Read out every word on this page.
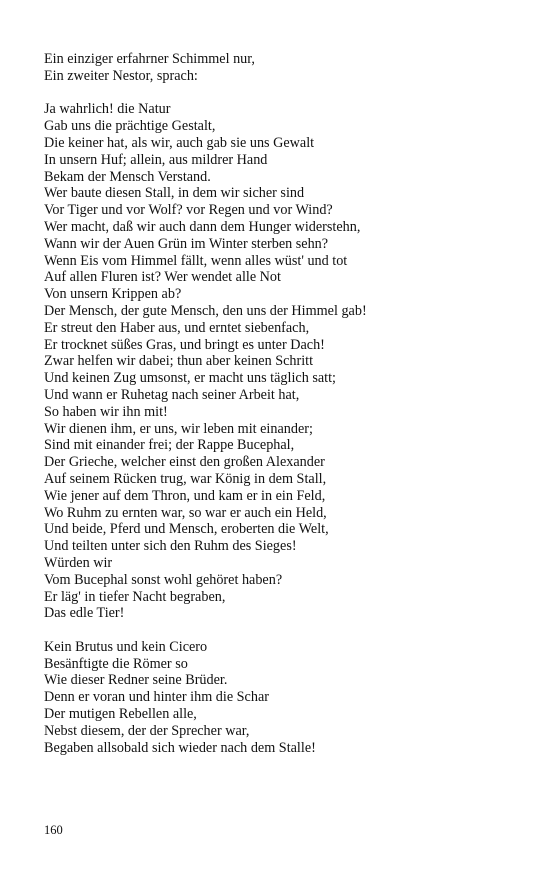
Ein einziger erfahrner Schimmel nur,
Ein zweiter Nestor, sprach:
Ja wahrlich! die Natur
Gab uns die prächtige Gestalt,
Die keiner hat, als wir, auch gab sie uns Gewalt
In unsern Huf; allein, aus mildrer Hand
Bekam der Mensch Verstand.
Wer baute diesen Stall, in dem wir sicher sind
Vor Tiger und vor Wolf? vor Regen und vor Wind?
Wer macht, daß wir auch dann dem Hunger widerstehn,
Wann wir der Auen Grün im Winter sterben sehn?
Wenn Eis vom Himmel fällt, wenn alles wüst' und tot
Auf allen Fluren ist? Wer wendet alle Not
Von unsern Krippen ab?
Der Mensch, der gute Mensch, den uns der Himmel gab!
Er streut den Haber aus, und erntet siebenfach,
Er trocknet süßes Gras, und bringt es unter Dach!
Zwar helfen wir dabei; thun aber keinen Schritt
Und keinen Zug umsonst, er macht uns täglich satt;
Und wann er Ruhetag nach seiner Arbeit hat,
So haben wir ihn mit!
Wir dienen ihm, er uns, wir leben mit einander;
Sind mit einander frei; der Rappe Bucephal,
Der Grieche, welcher einst den großen Alexander
Auf seinem Rücken trug, war König in dem Stall,
Wie jener auf dem Thron, und kam er in ein Feld,
Wo Ruhm zu ernten war, so war er auch ein Held,
Und beide, Pferd und Mensch, eroberten die Welt,
Und teilten unter sich den Ruhm des Sieges!
Würden wir
Vom Bucephal sonst wohl gehöret haben?
Er läg' in tiefer Nacht begraben,
Das edle Tier!
Kein Brutus und kein Cicero
Besänftigte die Römer so
Wie dieser Redner seine Brüder.
Denn er voran und hinter ihm die Schar
Der mutigen Rebellen alle,
Nebst diesem, der der Sprecher war,
Begaben allsobald sich wieder nach dem Stalle!
160
